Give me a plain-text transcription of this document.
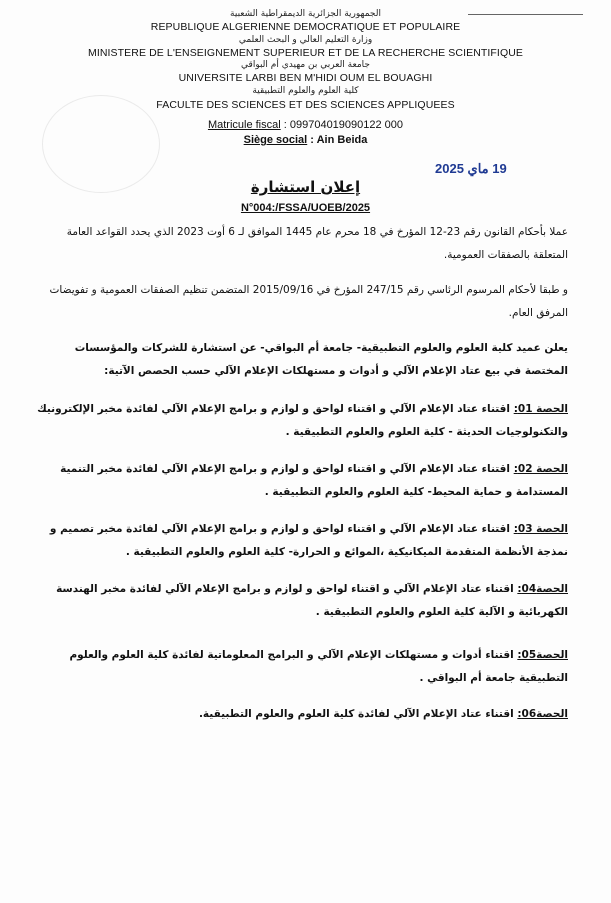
الجمهورية الجزائرية الديمقراطية الشعبية
REPUBLIQUE ALGERIENNE DEMOCRATIQUE ET POPULAIRE
وزارة التعليم العالي و البحث العلمي
MINISTERE DE L'ENSEIGNEMENT SUPERIEUR ET DE LA RECHERCHE SCIENTIFIQUE
جامعة العربي بن مهيدي أم البواقي
UNIVERSITE LARBI BEN M'HIDI OUM EL BOUAGHI
كلية العلوم والعلوم التطبيقية
FACULTE DES SCIENCES ET DES SCIENCES APPLIQUEES
Matricule fiscal : 099704019090122 000
Siège social : Ain Beida
19 ماي 2025
إعلان استشارة
N°004:/FSSA/UOEB/2025
عملا بأحكام القانون رقم 23-12 المؤرخ في 18 محرم عام 1445 الموافق لـ 6 أوت 2023 الذي يحدد القواعد العامة المتعلقة بالصفقات العمومية.
و طبقا لأحكام المرسوم الرئاسي رقم 247/15 المؤرخ في 2015/09/16 المتضمن تنظيم الصفقات العمومية و تفويضات المرفق العام.
يعلن عميد كلية العلوم والعلوم التطبيقية- جامعة أم البواقي- عن استشارة للشركات والمؤسسات المختصة في بيع عتاد الإعلام الآلي و أدوات و مستهلكات الإعلام الآلي حسب الحصص الآتية:
الحصة 01: اقتناء عتاد الإعلام الآلي و اقتناء لواحق و لوازم و برامج الإعلام الآلي لفائدة مخبر الإلكترونيك والتكنولوجيات الحديثة - كلية العلوم والعلوم التطبيقية .
الحصة 02: اقتناء عتاد الإعلام الآلي و اقتناء لواحق و لوازم و برامج الإعلام الآلي لفائدة مخبر التنمية المستدامة و حماية المحيط- كلية العلوم والعلوم التطبيقية .
الحصة 03: اقتناء عتاد الإعلام الآلي و اقتناء لواحق و لوازم و برامج الإعلام الآلي لفائدة مخبر تصميم و نمذجة الأنظمة المتقدمة الميكانيكية ،الموائع و الحرارة- كلية العلوم والعلوم التطبيقية .
الحصة04: اقتناء عتاد الإعلام الآلي و اقتناء لواحق و لوازم و برامج الإعلام الآلي لفائدة مخبر الهندسة الكهربائية و الآلية كلية العلوم والعلوم التطبيقية .
الحصة05: اقتناء أدوات و مستهلكات الإعلام الآلي و البرامج المعلوماتية لفائدة كلية العلوم والعلوم التطبيقية جامعة أم البواقي .
الحصة06: اقتناء عتاد الإعلام الآلي لفائدة كلية العلوم والعلوم التطبيقية.
